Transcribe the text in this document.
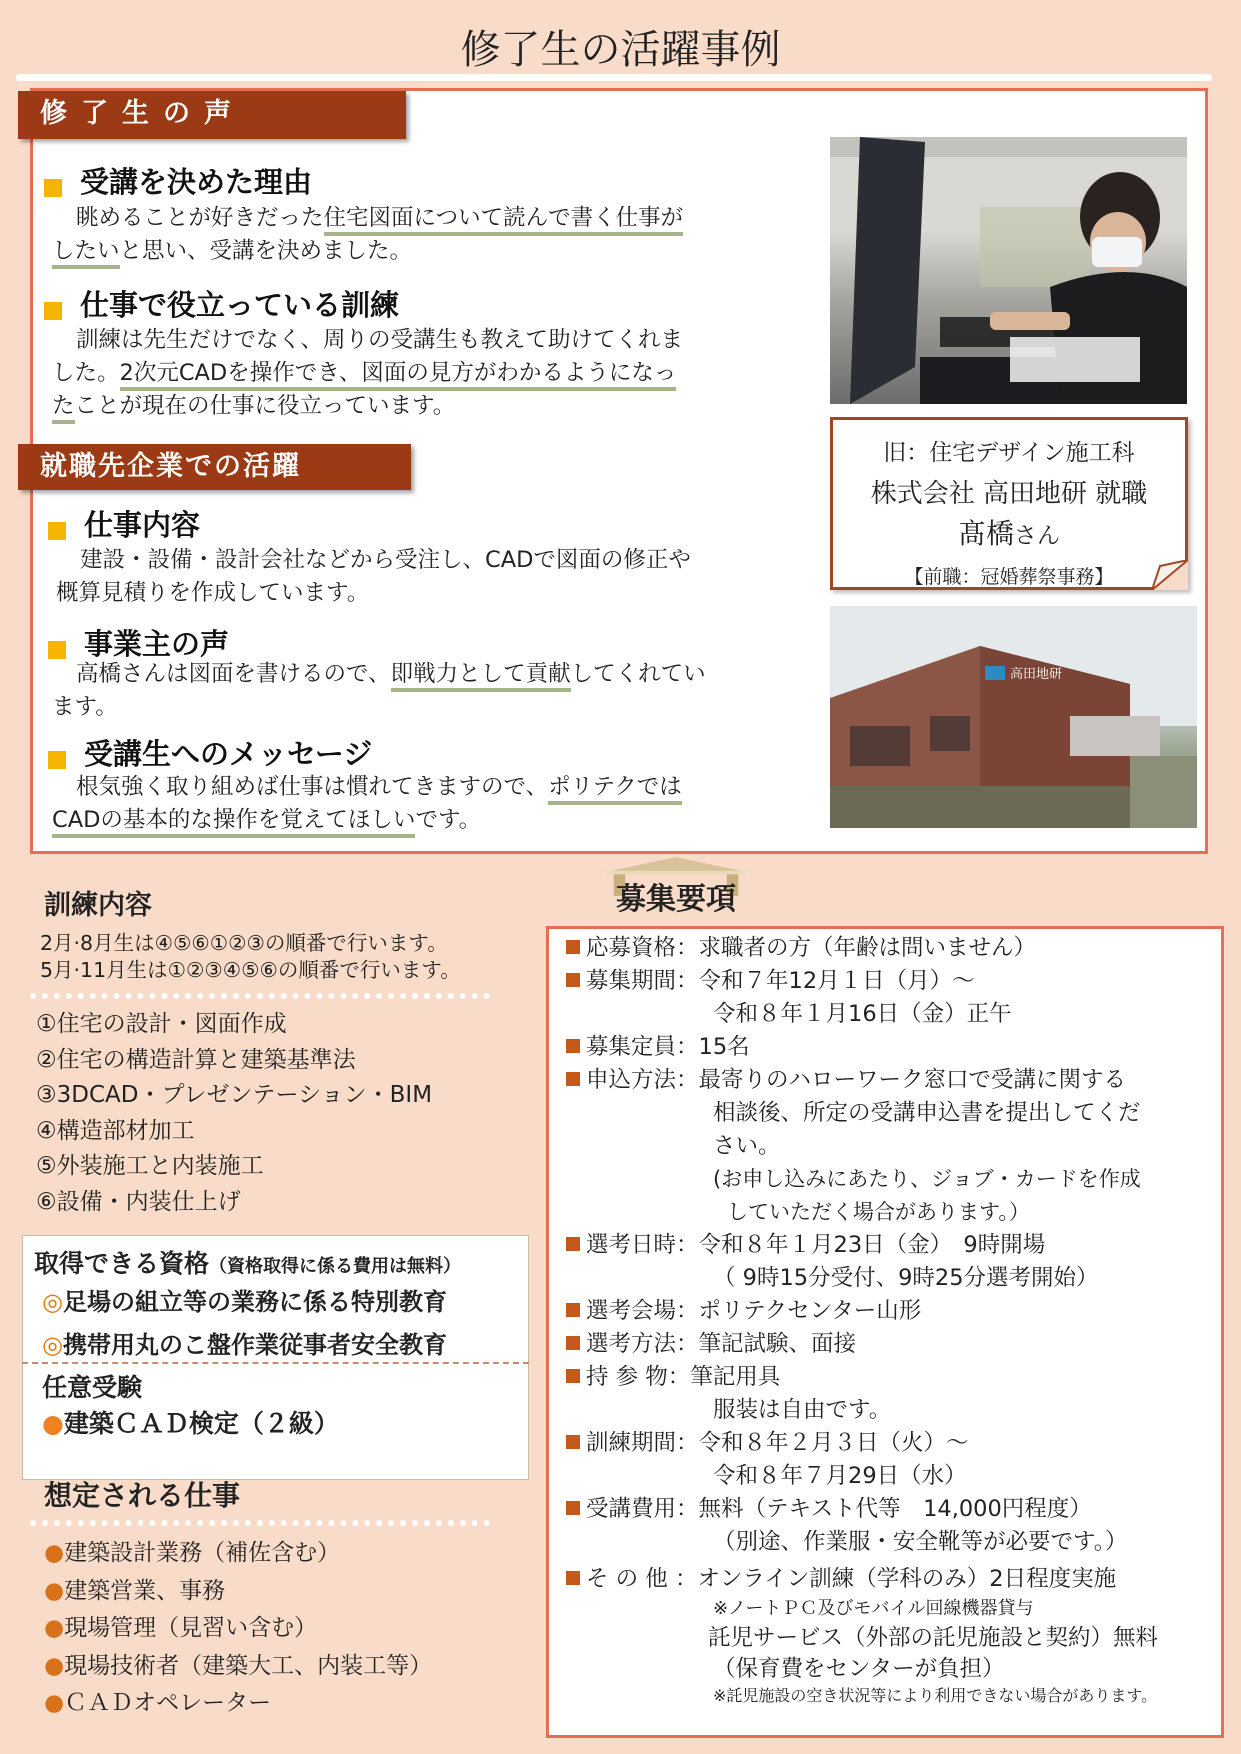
修了生の活躍事例
修了生の声
受講を決めた理由
眺めることが好きだった住宅図面について読んで書く仕事が
したいと思い、受講を決めました。
仕事で役立っている訓練
訓練は先生だけでなく、周りの受講生も教えて助けてくれま
した。2次元CADを操作でき、図面の見方がわかるようになっ
たことが現在の仕事に役立っています。
就職先企業での活躍
仕事内容
建設・設備・設計会社などから受注し、CADで図面の修正や
概算見積りを作成しています。
事業主の声
高橋さんは図面を書けるので、即戦力として貢献してくれてい
ます。
受講生へのメッセージ
根気強く取り組めば仕事は慣れてきますので、ポリテクでは
CADの基本的な操作を覚えてほしいです。
旧：住宅デザイン施工科
株式会社 高田地研 就職
髙橋さん
【前職：冠婚葬祭事務】
高田地研
訓練内容
2月·8月生は④⑤⑥①②③の順番で行います。
5月·11月生は①②③④⑤⑥の順番で行います。
①住宅の設計・図面作成
②住宅の構造計算と建築基準法
③3DCAD・プレゼンテーション・BIM
④構造部材加工
⑤外装施工と内装施工
⑥設備・内装仕上げ
取得できる資格（資格取得に係る費用は無料）
◎足場の組立等の業務に係る特別教育
◎携帯用丸のこ盤作業従事者安全教育
任意受験
●建築ＣＡＤ検定（２級）
想定される仕事
●建築設計業務（補佐含む）
●建築営業、事務
●現場管理（見習い含む）
●現場技術者（建築大工、内装工等）
●ＣＡＤオペレーター
募集要項
応募資格：求職者の方（年齢は問いません）
募集期間：令和７年12月１日（月）～
令和８年１月16日（金）正午
募集定員：15名
申込方法：最寄りのハローワーク窓口で受講に関する
相談後、所定の受講申込書を提出してくだ
さい。
(お申し込みにあたり、ジョブ・カードを作成
していただく場合があります。）
選考日時：令和８年１月23日（金）　9時開場
（ 9時15分受付、9時25分選考開始）
選考会場：ポリテクセンター山形
選考方法：筆記試験、面接
持 参 物：筆記用具
服装は自由です。
訓練期間：令和８年２月３日（火）～
令和８年７月29日（水）
受講費用：無料（テキスト代等　14,000円程度）
（別途、作業服・安全靴等が必要です。）
そ の 他 ：オンライン訓練（学科のみ）2日程度実施
※ノートＰＣ及びモバイル回線機器貸与
託児サービス（外部の託児施設と契約）無料
（保育費をセンターが負担）
※託児施設の空き状況等により利用できない場合があります。
